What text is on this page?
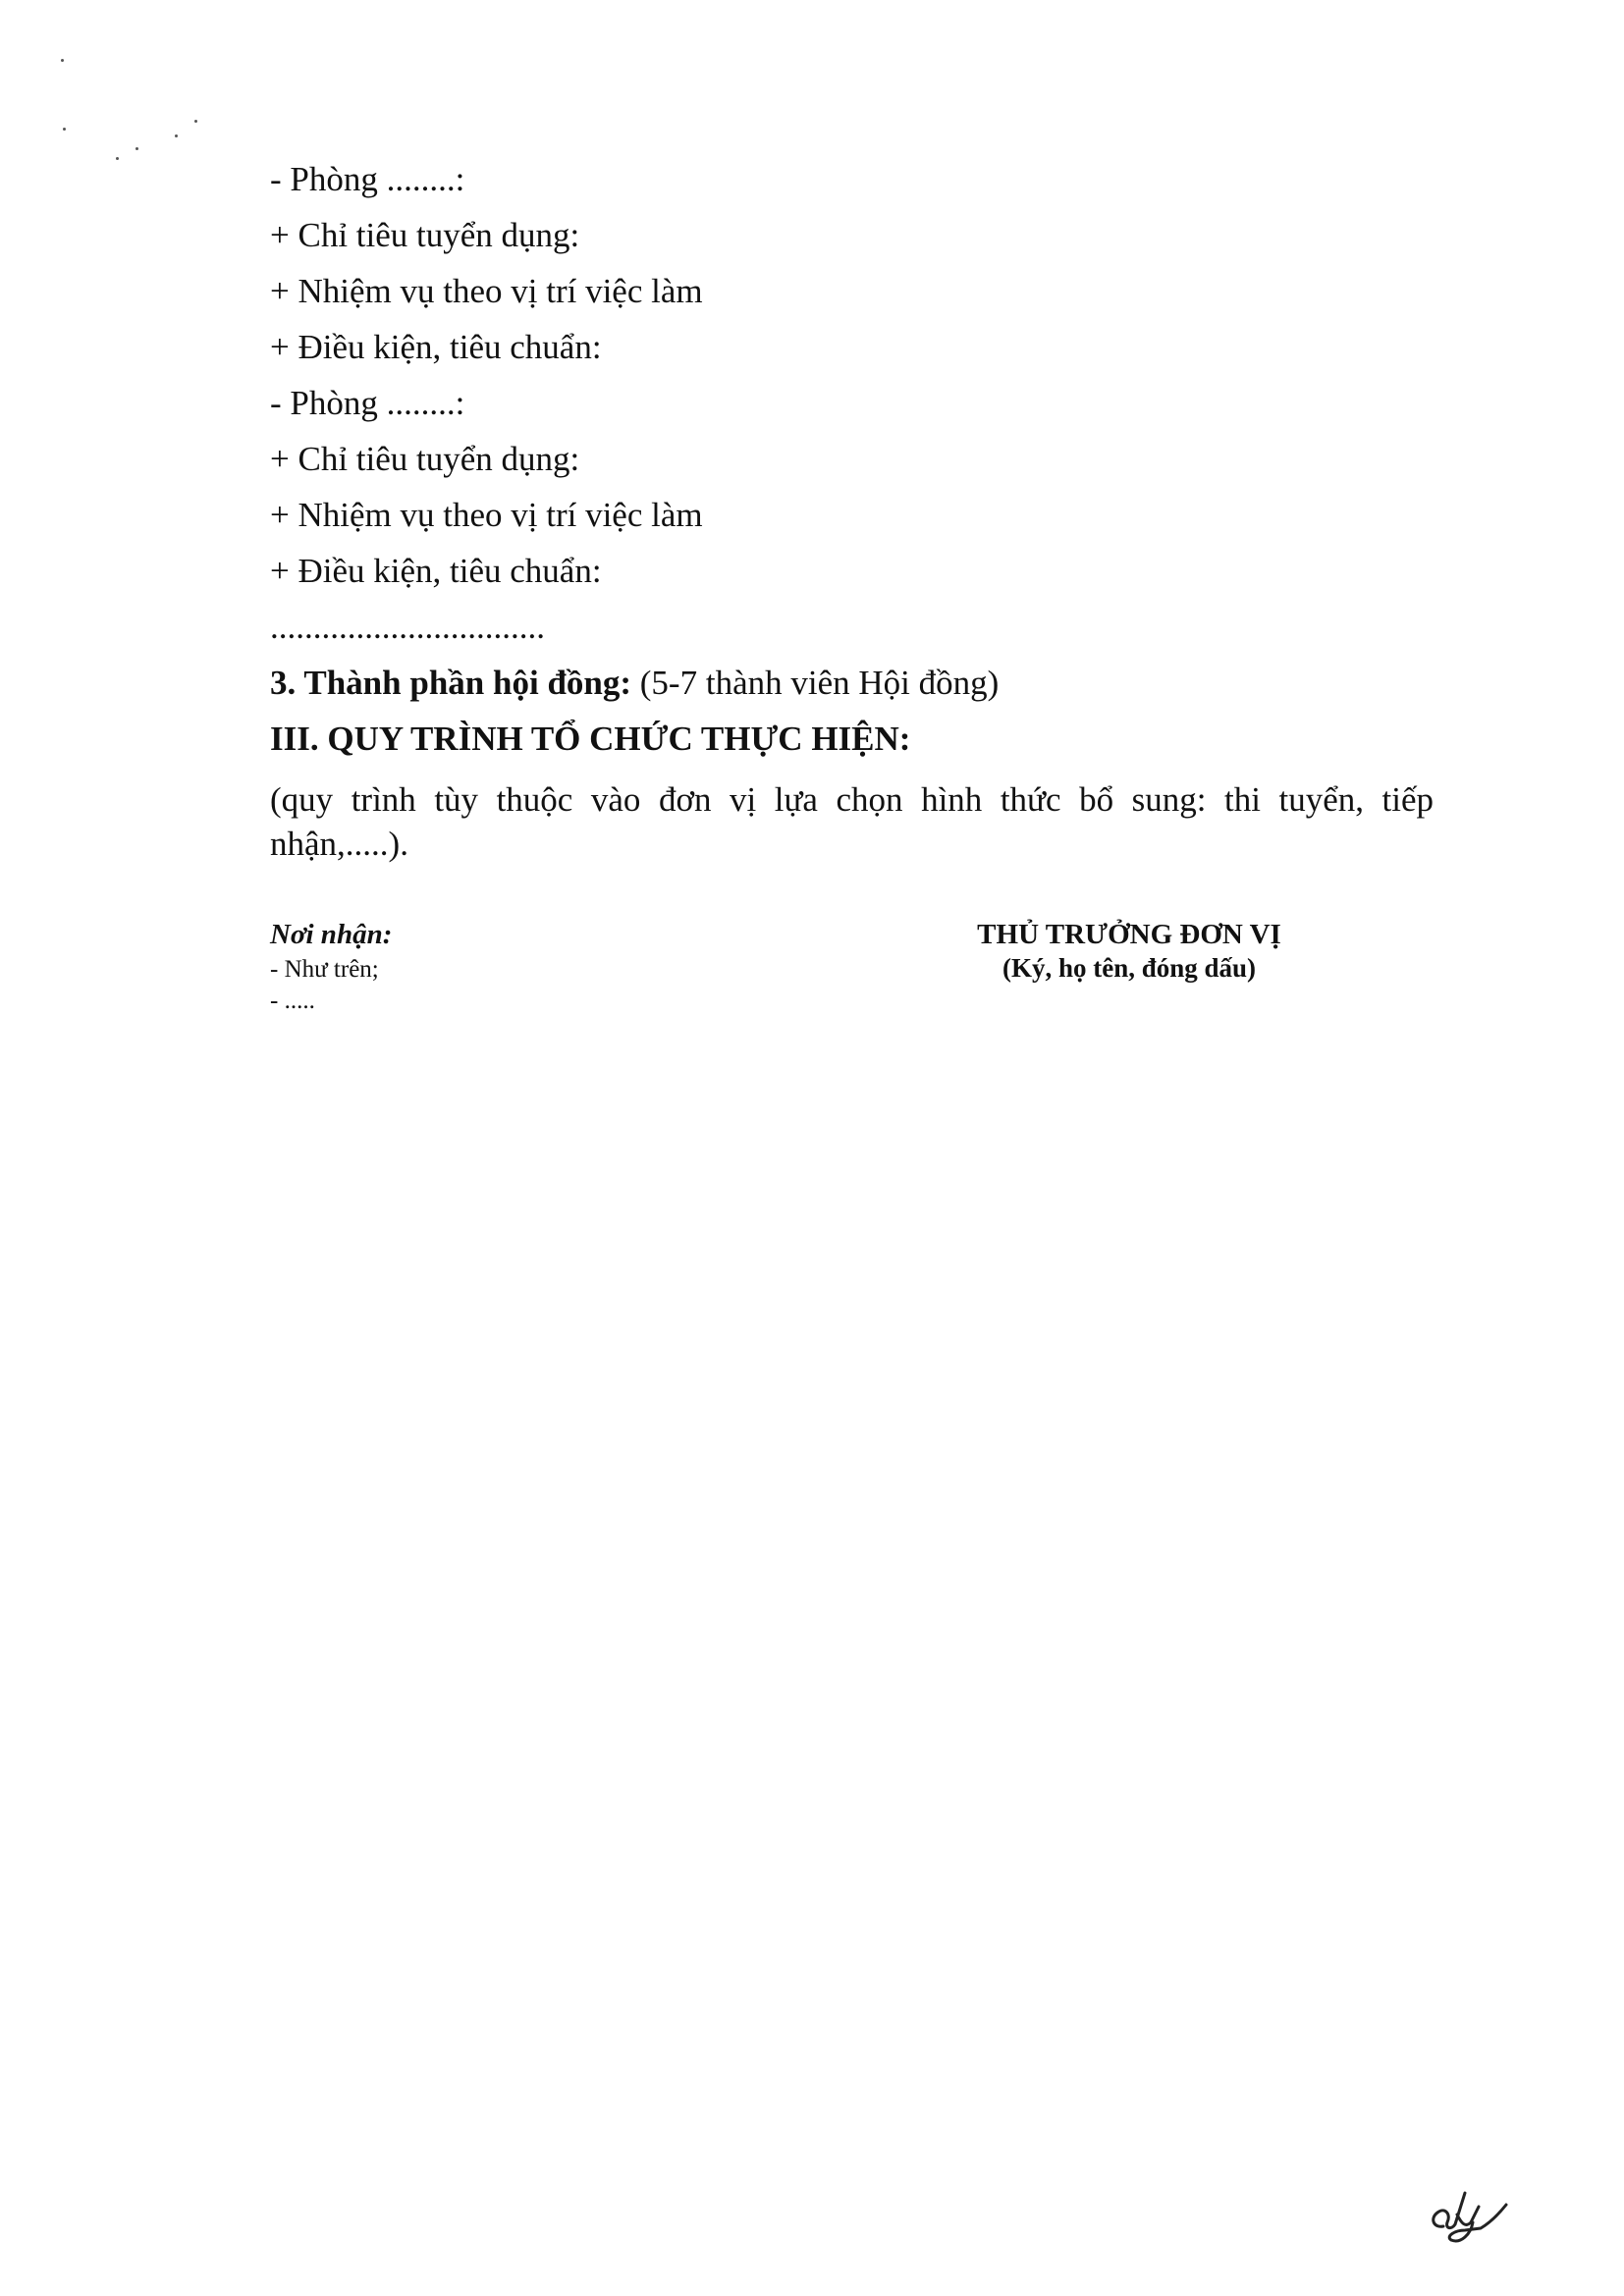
- Phòng ........:
+ Chỉ tiêu tuyển dụng:
+ Nhiệm vụ theo vị trí việc làm
+ Điều kiện, tiêu chuẩn:
- Phòng ........:
+ Chỉ tiêu tuyển dụng:
+ Nhiệm vụ theo vị trí việc làm
+ Điều kiện, tiêu chuẩn:
................................
3. Thành phần hội đồng: (5-7 thành viên Hội đồng)
III. QUY TRÌNH TỔ CHỨC THỰC HIỆN:
(quy trình tùy thuộc vào đơn vị lựa chọn hình thức bổ sung: thi tuyển, tiếp nhận,.....).
Nơi nhận:
- Như trên;
- .....
THỦ TRƯỞNG ĐƠN VỊ
(Ký, họ tên, đóng dấu)
